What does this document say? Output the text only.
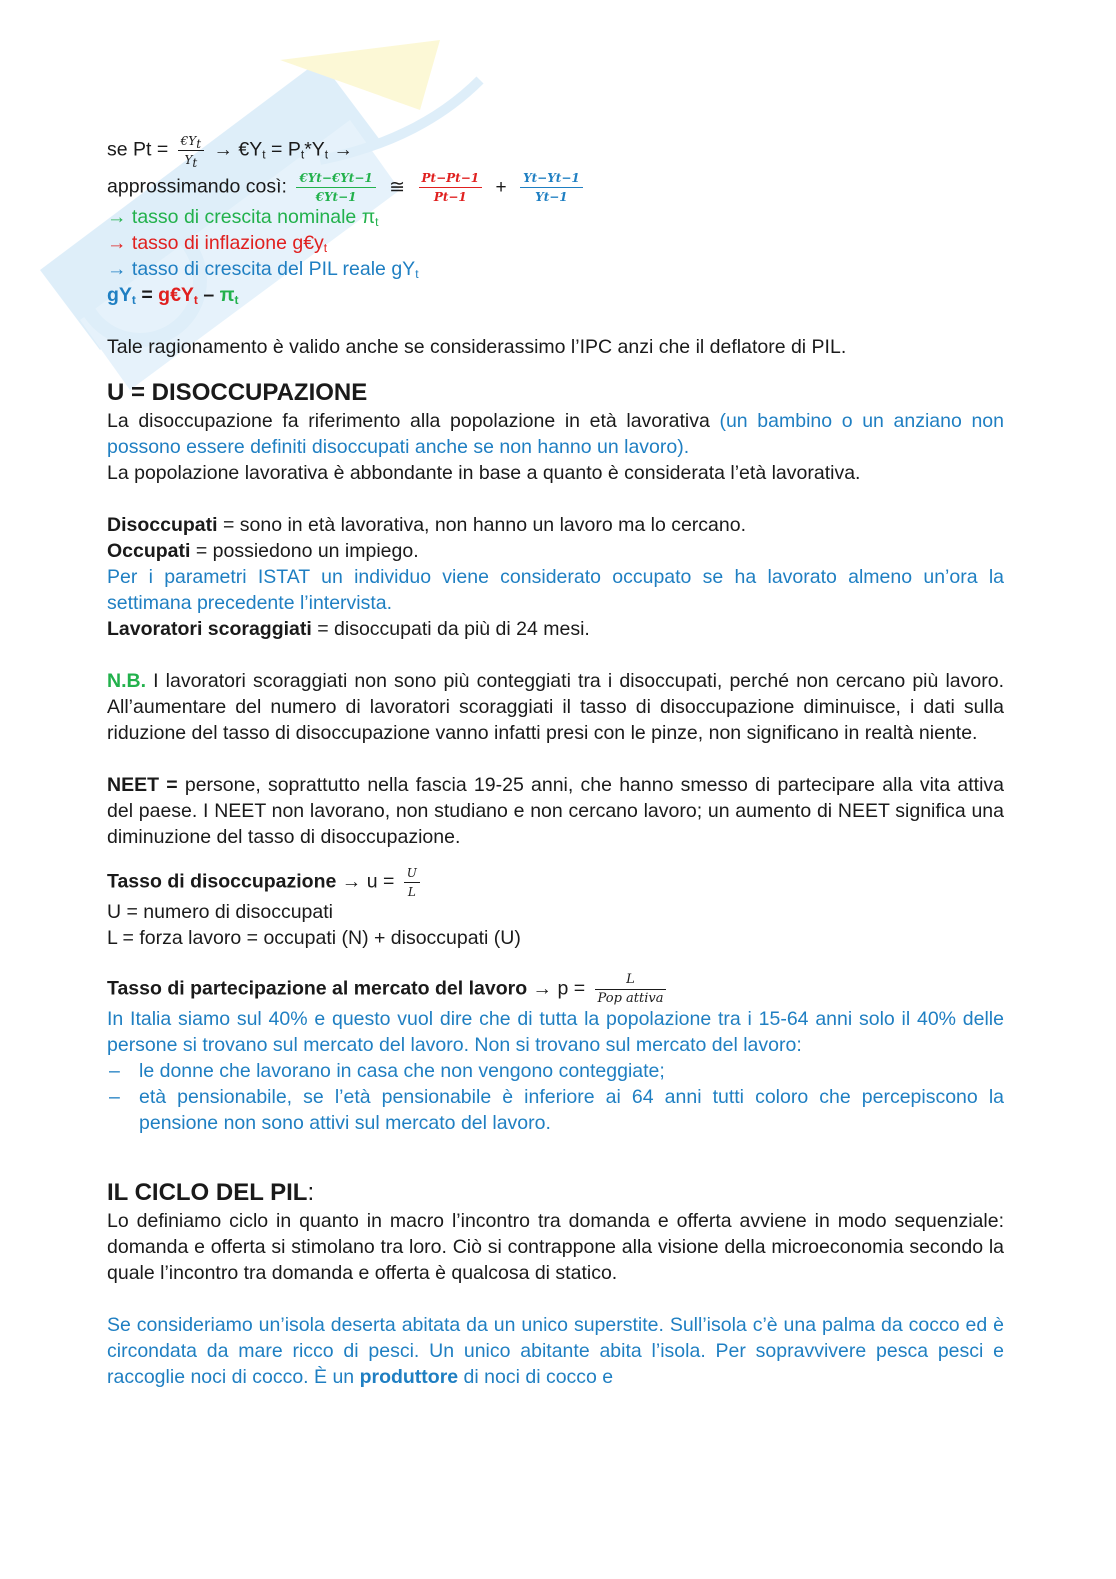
se $Pt = \frac{€Y_t}{Y_t}$ → $€Y_t = P_t*Y_t$ →
approssimando così: $\frac{€Yt-€Yt-1}{€Yt-1}$ ≅ $\frac{Pt-Pt-1}{Pt-1} + \frac{Yt-Yt-1}{Yt-1}$
→ tasso di crescita nominale $\pi_t$
→ tasso di inflazione $g€y_t$
→ tasso di crescita del PIL reale $gY_t$
$gY_t$ = $g€Y_t - \pi_t$
Tale ragionamento è valido anche se considerassimo l’IPC anzi che il deflatore di PIL.
U = DISOCCUPAZIONE
La disoccupazione fa riferimento alla popolazione in età lavorativa (un bambino o un anziano non possono essere definiti disoccupati anche se non hanno un lavoro).
La popolazione lavorativa è abbondante in base a quanto è considerata l’età lavorativa.
Disoccupati = sono in età lavorativa, non hanno un lavoro ma lo cercano.
Occupati = possiedono un impiego.
Per i parametri ISTAT un individuo viene considerato occupato se ha lavorato almeno un’ora la settimana precedente l’intervista.
Lavoratori scoraggiati = disoccupati da più di 24 mesi.
N.B. I lavoratori scoraggiati non sono più conteggiati tra i disoccupati, perché non cercano più lavoro. All’aumentare del numero di lavoratori scoraggiati il tasso di disoccupazione diminuisce, i dati sulla riduzione del tasso di disoccupazione vanno infatti presi con le pinze, non significano in realtà niente.
NEET = persone, soprattutto nella fascia 19-25 anni, che hanno smesso di partecipare alla vita attiva del paese. I NEET non lavorano, non studiano e non cercano lavoro; un aumento di NEET significa una diminuzione del tasso di disoccupazione.
Tasso di disoccupazione → $u = \frac{U}{L}$
U = numero di disoccupati
L = forza lavoro = occupati (N) + disoccupati (U)
Tasso di partecipazione al mercato del lavoro → $p = \frac{L}{\text{Pop attiva}}$
In Italia siamo sul 40% e questo vuol dire che di tutta la popolazione tra i 15-64 anni solo il 40% delle persone si trovano sul mercato del lavoro. Non si trovano sul mercato del lavoro:
– le donne che lavorano in casa che non vengono conteggiate;
– età pensionabile, se l’età pensionabile è inferiore ai 64 anni tutti coloro che percepiscono la pensione non sono attivi sul mercato del lavoro.
IL CICLO DEL PIL:
Lo definiamo ciclo in quanto in macro l’incontro tra domanda e offerta avviene in modo sequenziale: domanda e offerta si stimolano tra loro. Ciò si contrappone alla visione della microeconomia secondo la quale l’incontro tra domanda e offerta è qualcosa di statico.
Se consideriamo un’isola deserta abitata da un unico superstite. Sull’isola c’è una palma da cocco ed è circondata da mare ricco di pesci. Un unico abitante abita l’isola. Per sopravvivere pesca pesci e raccoglie noci di cocco. È un produttore di noci di cocco e
